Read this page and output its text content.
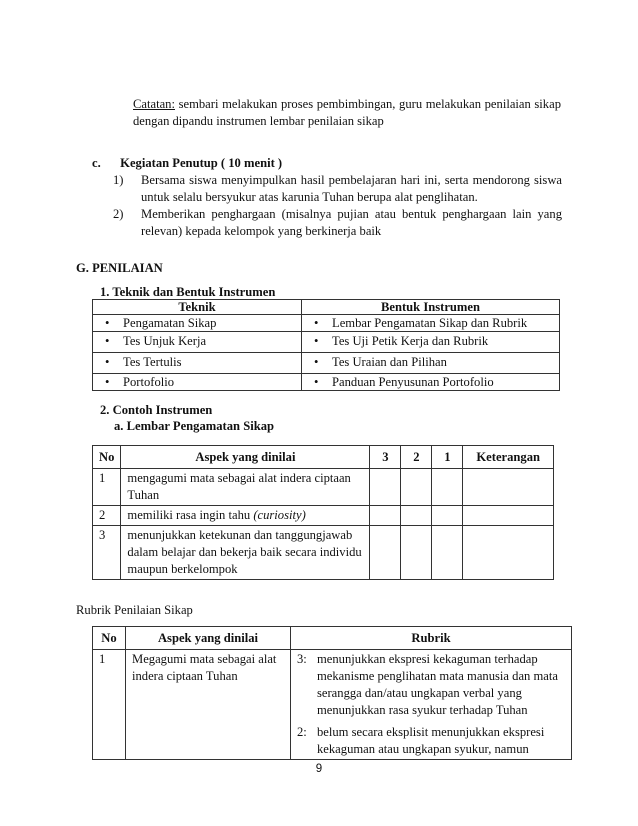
Catatan: sembari melakukan proses pembimbingan, guru melakukan penilaian sikap dengan dipandu instrumen lembar penilaian sikap
c. Kegiatan Penutup ( 10 menit )
1) Bersama siswa menyimpulkan hasil pembelajaran hari ini, serta mendorong siswa untuk selalu bersyukur atas karunia Tuhan berupa alat penglihatan.
2) Memberikan penghargaan (misalnya pujian atau bentuk penghargaan lain yang relevan) kepada kelompok yang berkinerja baik
G. PENILAIAN
1. Teknik dan Bentuk Instrumen
Teknik	Bentuk Instrumen
• Pengamatan Sikap	• Lembar Pengamatan Sikap dan Rubrik
• Tes Unjuk Kerja	• Tes Uji Petik Kerja dan Rubrik
• Tes Tertulis	• Tes Uraian dan Pilihan
• Portofolio	• Panduan Penyusunan Portofolio
2. Contoh Instrumen
a. Lembar Pengamatan Sikap
No	Aspek yang dinilai	3	2	1	Keterangan
1	mengagumi mata sebagai alat indera ciptaan Tuhan				
2	memiliki rasa ingin tahu (curiosity)				
3	menunjukkan ketekunan dan tanggungjawab dalam belajar dan bekerja baik secara individu maupun berkelompok				
Rubrik Penilaian Sikap
No	Aspek yang dinilai	Rubrik
1	Megagumi mata sebagai alat indera ciptaan Tuhan	3: menunjukkan ekspresi kekaguman terhadap mekanisme penglihatan mata manusia dan mata serangga dan/atau ungkapan verbal yang menunjukkan rasa syukur terhadap Tuhan
2: belum secara eksplisit menunjukkan ekspresi kekaguman atau ungkapan syukur, namun
9
